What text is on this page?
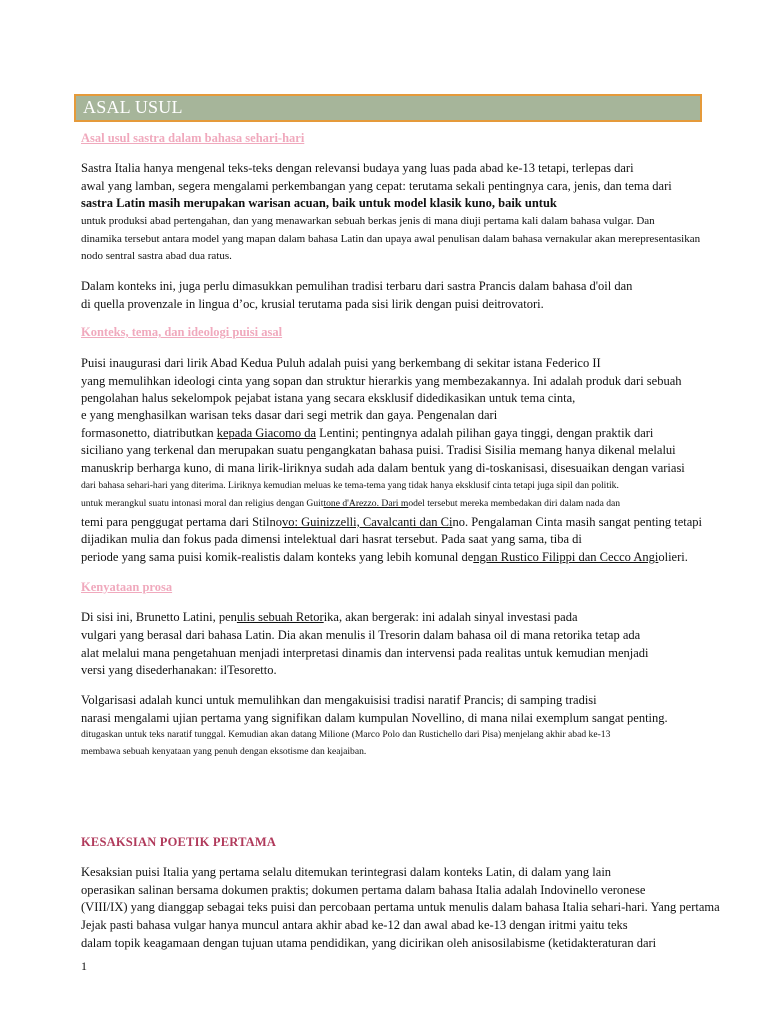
ASAL USUL
Asal usul sastra dalam bahasa sehari-hari
Sastra Italia hanya mengenal teks-teks dengan relevansi budaya yang luas pada abad ke-13 tetapi, terlepas dari
awal yang lamban, segera mengalami perkembangan yang cepat: terutama sekali pentingnya cara, jenis, dan tema dari
sastra Latin masih merupakan warisan acuan, baik untuk model klasik kuno, baik untuk
untuk produksi abad pertengahan, dan yang menawarkan sebuah berkas jenis di mana diuji pertama kali dalam bahasa vulgar. Dan
dinamika tersebut antara model yang mapan dalam bahasa Latin dan upaya awal penulisan dalam bahasa vernakular akan merepresentasikan
nodo sentral sastra abad dua ratus.
Dalam konteks ini, juga perlu dimasukkan pemulihan tradisi terbaru dari sastra Prancis dalam bahasa d'oil dan
di quella provenzale in lingua d’oc, krusial terutama pada sisi lirik dengan puisi deitrovatori.
Konteks, tema, dan ideologi puisi asal
Puisi inaugurasi dari lirik Abad Kedua Puluh adalah puisi yang berkembang di sekitar istana Federico II
yang memulihkan ideologi cinta yang sopan dan struktur hierarkis yang membezakannya. Ini adalah produk dari sebuah
pengolahan halus sekelompok pejabat istana yang secara eksklusif didedikasikan untuk tema cinta,
e yang menghasilkan warisan teks dasar dari segi metrik dan gaya. Pengenalan dari
formasonetto, diatributkan kepada Giacomo da Lentini; pentingnya adalah pilihan gaya tinggi, dengan praktik dari
siciliano yang terkenal dan merupakan suatu pengangkatan bahasa puisi. Tradisi Sisilia memang hanya dikenal melalui
manuskrip berharga kuno, di mana lirik-liriknya sudah ada dalam bentuk yang di-toskanisasi, disesuaikan dengan variasi
dari bahasa sehari-hari yang diterima. Liriknya kemudian meluas ke tema-tema yang tidak hanya eksklusif cinta tetapi juga sipil dan politik.
untuk merangkul suatu intonasi moral dan religius dengan Guittone d'Arezzo. Dari model tersebut mereka membedakan diri dalam nada dan
temi para penggugat pertama dari Stilnovo: Guinizzelli, Cavalcanti dan Cino. Pengalaman Cinta masih sangat penting tetapi
dijadikan mulia dan fokus pada dimensi intelektual dari hasrat tersebut. Pada saat yang sama, tiba di
periode yang sama puisi komik-realistis dalam konteks yang lebih komunal dengan Rustico Filippi dan Cecco Angiolieri.
Kenyataan prosa
Di sisi ini, Brunetto Latini, penulis sebuah Retorika, akan bergerak: ini adalah sinyal investasi pada
vulgari yang berasal dari bahasa Latin. Dia akan menulis il Tresorin dalam bahasa oil di mana retorika tetap ada
alat melalui mana pengetahuan menjadi interpretasi dinamis dan intervensi pada realitas untuk kemudian menjadi
versi yang disederhanakan: ilTesoretto.
Volgarisasi adalah kunci untuk memulihkan dan mengakuisisi tradisi naratif Prancis; di samping tradisi
narasi mengalami ujian pertama yang signifikan dalam kumpulan Novellino, di mana nilai exemplum sangat penting.
ditugaskan untuk teks naratif tunggal. Kemudian akan datang Milione (Marco Polo dan Rustichello dari Pisa) menjelang akhir abad ke-13
membawa sebuah kenyataan yang penuh dengan eksotisme dan keajaiban.
KESAKSIAN POETIK PERTAMA
Kesaksian puisi Italia yang pertama selalu ditemukan terintegrasi dalam konteks Latin, di dalam yang lain
operasikan salinan bersama dokumen praktis; dokumen pertama dalam bahasa Italia adalah Indovinello veronese
(VIII/IX) yang dianggap sebagai teks puisi dan percobaan pertama untuk menulis dalam bahasa Italia sehari-hari. Yang pertama
Jejak pasti bahasa vulgar hanya muncul antara akhir abad ke-12 dan awal abad ke-13 dengan iritmi yaitu teks
dalam topik keagamaan dengan tujuan utama pendidikan, yang dicirikan oleh anisosilabisme (ketidakteraturan dari
1
